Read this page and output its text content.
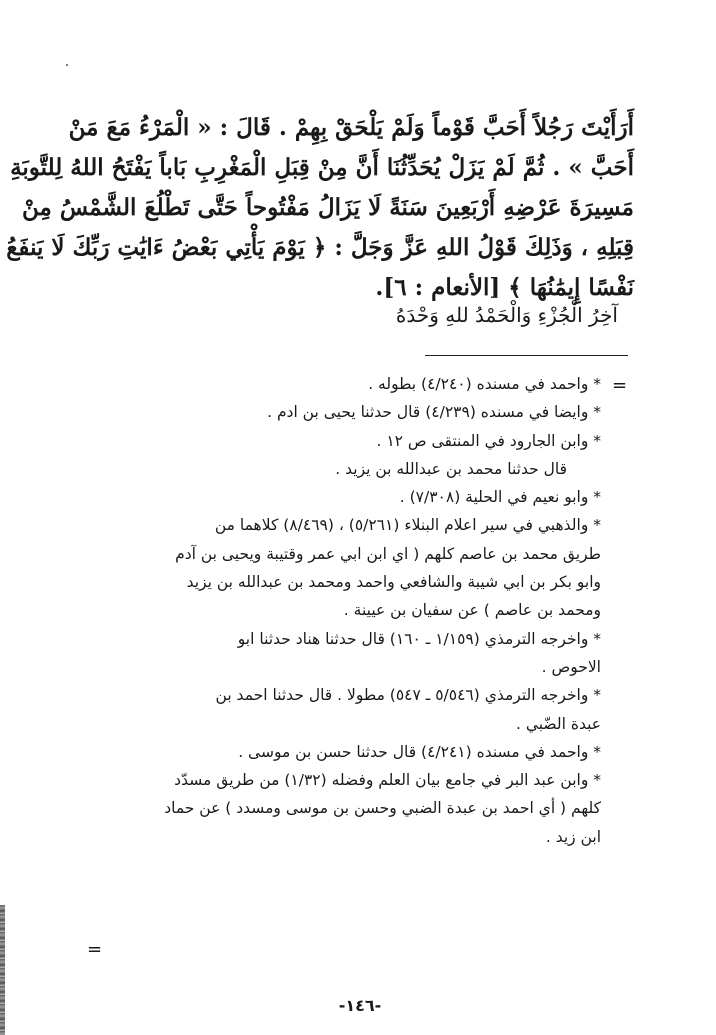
أَرَأَيْتَ رَجُلاً أَحَبَّ قَوْماً وَلَمْ يَلْحَقْ بِهِمْ . قَالَ : « الْمَرْءُ مَعَ مَنْ
أَحَبَّ » . ثُمَّ لَمْ يَزَلْ يُحَدِّثُنَا أَنَّ مِنْ قِبَلِ الْمَغْرِبِ بَاباً يَفْتَحُ اللهُ لِلتَّوبَةِ
مَسِيرَةَ عَرْضِهِ أَرْبَعِينَ سَنَةً لَا يَزَالُ مَفْتُوحاً حَتَّى تَطْلُعَ الشَّمْسُ مِنْ
قِبَلِهِ ، وَذَلِكَ قَوْلُ اللهِ عَزَّ وَجَلَّ : ﴿ يَوْمَ يَأْتِي بَعْضُ ءَايَٰتِ رَبِّكَ لَا يَنفَعُ
نَفْسًا إِيمَٰنُهَا ﴾ [الأنعام : ٦].
آخِرُ الْجُزْءِ وَالْحَمْدُ للهِ وَحْدَهُ
=
* واحمد في مسنده (٤/٢٤٠) بطوله .
* وايضا في مسنده (٤/٢٣٩) قال حدثنا يحيى بن ادم .
* وابن الجارود في المنتقى ص ١٢ .
قال حدثنا محمد بن عبدالله بن يزيد .
* وابو نعيم في الحلية (٧/٣٠٨) .
* والذهبي في سير اعلام البنلاء (٥/٢٦١) ، (٨/٤٦٩) كلاهما من
طريق محمد بن عاصم كلهم ( اي ابن ابي عمر وقتيبة ويحيى بن آدم
وابو بكر بن ابي شيبة والشافعي واحمد ومحمد بن عبدالله بن يزيد
ومحمد بن عاصم ) عن سفيان بن عيينة .
* واخرجه الترمذي (١/١٥٩ ـ ١٦٠) قال حدثنا هناد حدثنا ابو
الاحوص .
* واخرجه الترمذي (٥/٥٤٦ ـ ٥٤٧) مطولا . قال حدثنا احمد بن
عبدة الضّبي .
* واحمد في مسنده (٤/٢٤١) قال حدثنا حسن بن موسى .
* وابن عبد البر في جامع بيان العلم وفضله (١/٣٢) من طريق مسدّد
كلهم ( أي احمد بن عبدة الضبي وحسن بن موسى ومسدد ) عن حماد
ابن زيد .
=
-١٤٦-
